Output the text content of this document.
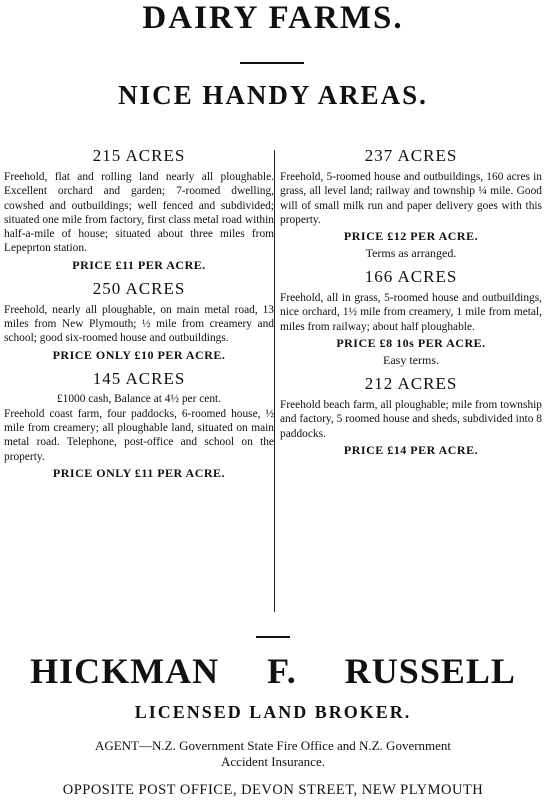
DAIRY FARMS.
NICE HANDY AREAS.
215 ACRES

Freehold, flat and rolling land nearly all ploughable. Excellent orchard and garden; 7-roomed dwelling, cowshed and outbuildings; well fenced and subdivided; situated one mile from factory, first class metal road within half-a-mile of house; situated about three miles from Lepeprton station.

PRICE £11 PER ACRE.
250 ACRES

Freehold, nearly all ploughable, on main metal road, 13 miles from New Plymouth; ½ mile from creamery and school; good six-roomed house and outbuildings.

PRICE ONLY £10 PER ACRE.
145 ACRES
£1000 cash, Balance at 4½ per cent.

Freehold coast farm, four paddocks, 6-roomed house, ½ mile from creamery; all ploughable land, situated on main metal road. Telephone, post-office and school on the property.

PRICE ONLY £11 PER ACRE.
237 ACRES

Freehold, 5-roomed house and outbuildings, 160 acres in grass, all level land; railway and township ¼ mile. Good will of small milk run and paper delivery goes with this property.

PRICE £12 PER ACRE.
Terms as arranged.
166 ACRES

Freehold, all in grass, 5-roomed house and outbuildings, nice orchard, 1½ mile from creamery, 1 mile from metal, miles from railway; about half ploughable.

PRICE £8 10s PER ACRE.
Easy terms.
212 ACRES

Freehold beach farm, all ploughable; mile from township and factory, 5 roomed house and sheds, subdivided into 8 paddocks.

PRICE £14 PER ACRE.
HICKMAN F. RUSSELL
LICENSED LAND BROKER.
AGENT—N.Z. Government State Fire Office and N.Z. Government
Accident Insurance.
OPPOSITE POST OFFICE, DEVON STREET, NEW PLYMOUTH
